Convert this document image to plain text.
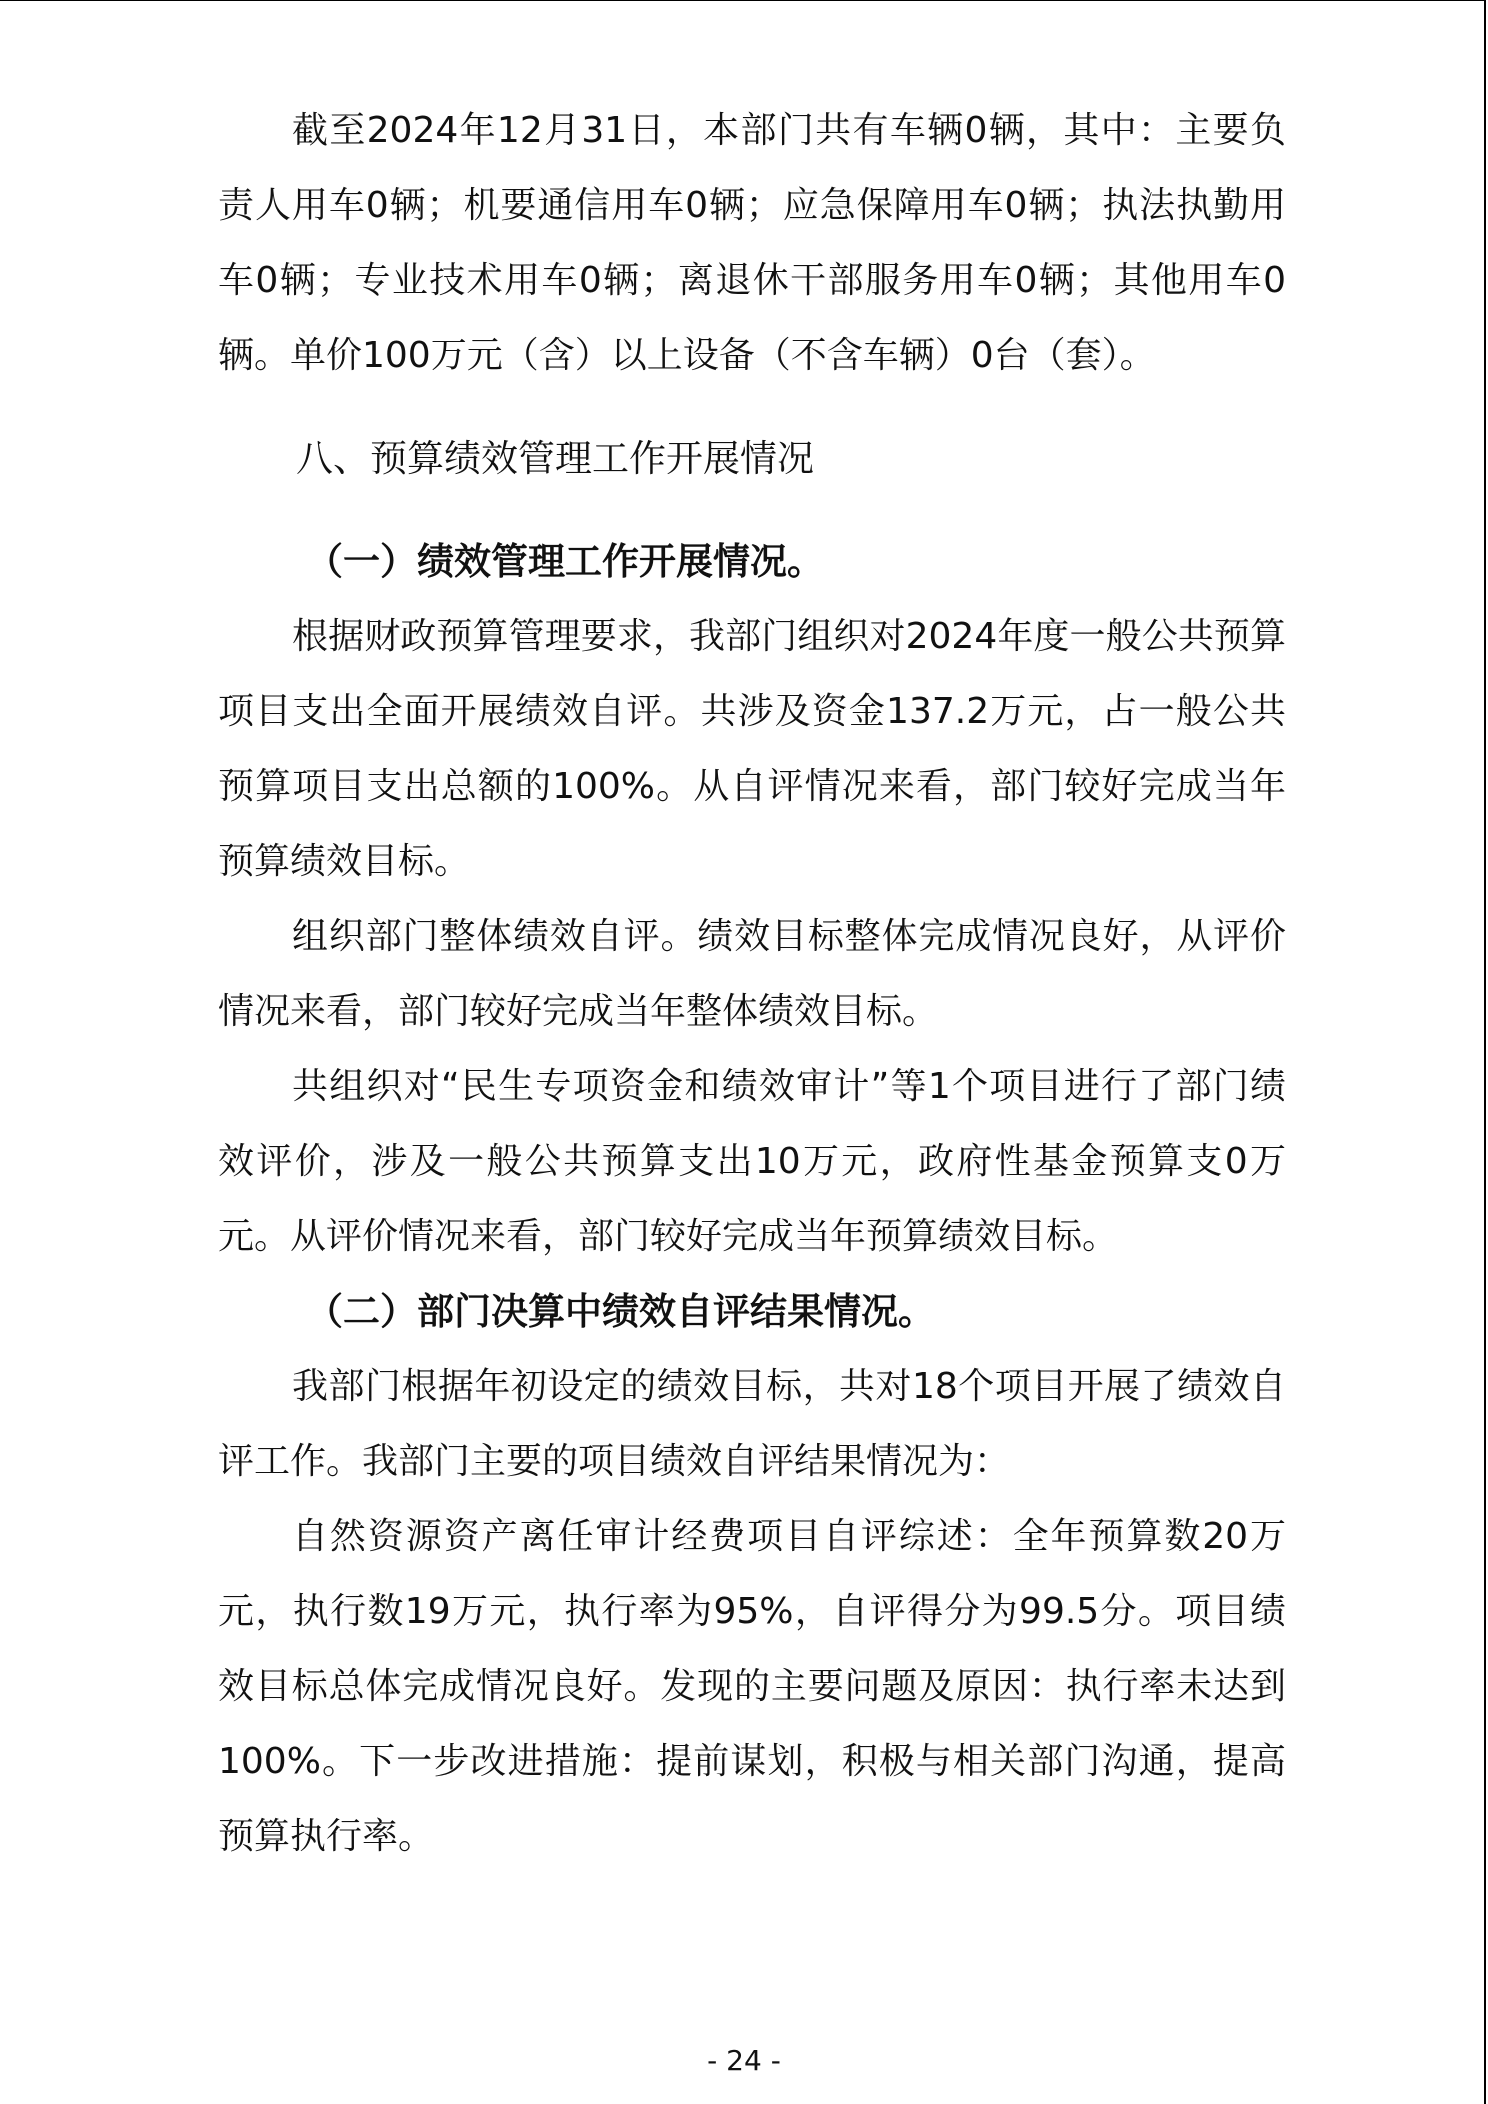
截至2024年12月31日，本部门共有车辆0辆，其中：主要负责人用车0辆；机要通信用车0辆；应急保障用车0辆；执法执勤用车0辆；专业技术用车0辆；离退休干部服务用车0辆；其他用车0辆。单价100万元（含）以上设备（不含车辆）0台（套）。

八、预算绩效管理工作开展情况
（一）绩效管理工作开展情况。

根据财政预算管理要求，我部门组织对2024年度一般公共预算项目支出全面开展绩效自评。共涉及资金137.2万元，占一般公共预算项目支出总额的100%。从自评情况来看，部门较好完成当年预算绩效目标。

组织部门整体绩效自评。绩效目标整体完成情况良好，从评价情况来看，部门较好完成当年整体绩效目标。

共组织对“民生专项资金和绩效审计”等1个项目进行了部门绩效评价，涉及一般公共预算支出10万元，政府性基金预算支0万元。从评价情况来看，部门较好完成当年预算绩效目标。

（二）部门决算中绩效自评结果情况。

我部门根据年初设定的绩效目标，共对18个项目开展了绩效自评工作。我部门主要的项目绩效自评结果情况为：

自然资源资产离任审计经费项目自评综述：全年预算数20万元，执行数19万元，执行率为95%，自评得分为99.5分。项目绩效目标总体完成情况良好。发现的主要问题及原因：执行率未达到100%。下一步改进措施：提前谋划，积极与相关部门沟通，提高预算执行率。

- 24 -
